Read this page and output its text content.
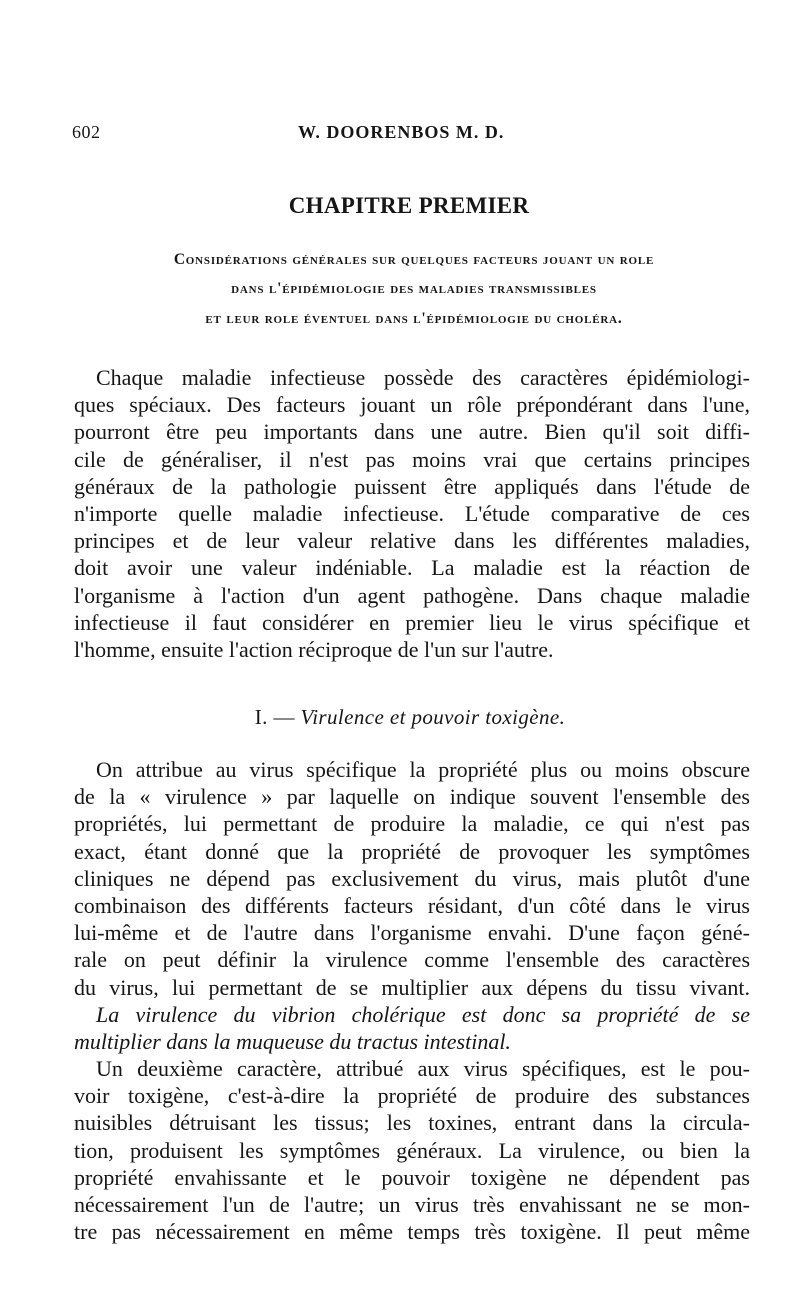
602	W. DOORENBOS M. D.
CHAPITRE PREMIER
Considérations générales sur quelques facteurs jouant un role
dans l'épidémiologie des maladies transmissibles
et leur role éventuel dans l'épidémiologie du choléra.
Chaque maladie infectieuse possède des caractères épidémiologi-
ques spéciaux. Des facteurs jouant un rôle prépondérant dans l'une,
pourront être peu importants dans une autre. Bien qu'il soit diffi-
cile de généraliser, il n'est pas moins vrai que certains principes
généraux de la pathologie puissent être appliqués dans l'étude de
n'importe quelle maladie infectieuse. L'étude comparative de ces
principes et de leur valeur relative dans les différentes maladies,
doit avoir une valeur indéniable. La maladie est la réaction de
l'organisme à l'action d'un agent pathogène. Dans chaque maladie
infectieuse il faut considérer en premier lieu le virus spécifique et
l'homme, ensuite l'action réciproque de l'un sur l'autre.
I. — Virulence et pouvoir toxigène.
On attribue au virus spécifique la propriété plus ou moins obscure
de la « virulence » par laquelle on indique souvent l'ensemble des
propriétés, lui permettant de produire la maladie, ce qui n'est pas
exact, étant donné que la propriété de provoquer les symptômes
cliniques ne dépend pas exclusivement du virus, mais plutôt d'une
combinaison des différents facteurs résidant, d'un côté dans le virus
lui-même et de l'autre dans l'organisme envahi. D'une façon géné-
rale on peut définir la virulence comme l'ensemble des caractères
du virus, lui permettant de se multiplier aux dépens du tissu vivant.
La virulence du vibrion cholérique est donc sa propriété de se
multiplier dans la muqueuse du tractus intestinal.
Un deuxième caractère, attribué aux virus spécifiques, est le pou-
voir toxigène, c'est-à-dire la propriété de produire des substances
nuisibles détruisant les tissus; les toxines, entrant dans la circula-
tion, produisent les symptômes généraux. La virulence, ou bien la
propriété envahissante et le pouvoir toxigène ne dépendent pas
nécessairement l'un de l'autre; un virus très envahissant ne se mon-
tre pas nécessairement en même temps très toxigène. Il peut même
